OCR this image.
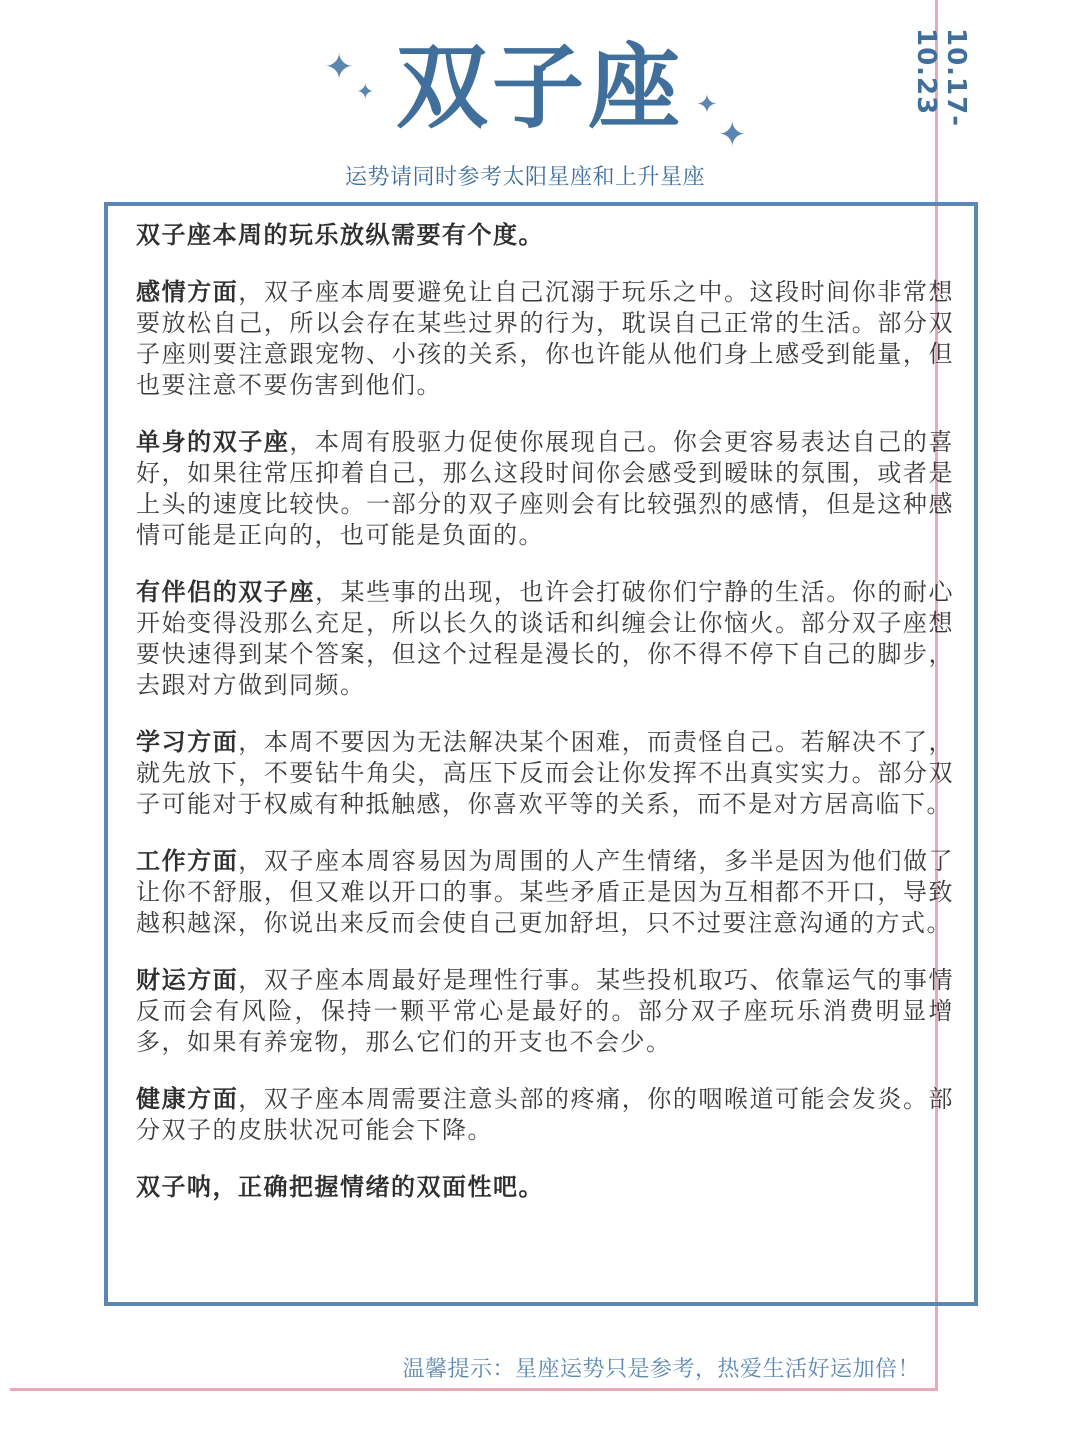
✦
✦ 双子座 ✦
✦
运势请同时参考太阳星座和上升星座
10.17-10.23

双子座本周的玩乐放纵需要有个度。

感情方面，双子座本周要避免让自己沉溺于玩乐之中。这段时间你非常想要放松自己，所以会存在某些过界的行为，耽误自己正常的生活。部分双子座则要注意跟宠物、小孩的关系，你也许能从他们身上感受到能量，但也要注意不要伤害到他们。

单身的双子座，本周有股驱力促使你展现自己。你会更容易表达自己的喜好，如果往常压抑着自己，那么这段时间你会感受到暧昧的氛围，或者是上头的速度比较快。一部分的双子座则会有比较强烈的感情，但是这种感情可能是正向的，也可能是负面的。

有伴侣的双子座，某些事的出现，也许会打破你们宁静的生活。你的耐心开始变得没那么充足，所以长久的谈话和纠缠会让你恼火。部分双子座想要快速得到某个答案，但这个过程是漫长的，你不得不停下自己的脚步，去跟对方做到同频。

学习方面，本周不要因为无法解决某个困难，而责怪自己。若解决不了，就先放下，不要钻牛角尖，高压下反而会让你发挥不出真实实力。部分双子可能对于权威有种抵触感，你喜欢平等的关系，而不是对方居高临下。

工作方面，双子座本周容易因为周围的人产生情绪，多半是因为他们做了让你不舒服，但又难以开口的事。某些矛盾正是因为互相都不开口，导致越积越深，你说出来反而会使自己更加舒坦，只不过要注意沟通的方式。

财运方面，双子座本周最好是理性行事。某些投机取巧、依靠运气的事情反而会有风险，保持一颗平常心是最好的。部分双子座玩乐消费明显增多，如果有养宠物，那么它们的开支也不会少。

健康方面，双子座本周需要注意头部的疼痛，你的咽喉道可能会发炎。部分双子的皮肤状况可能会下降。

双子呐，正确把握情绪的双面性吧。

温馨提示：星座运势只是参考，热爱生活好运加倍！
